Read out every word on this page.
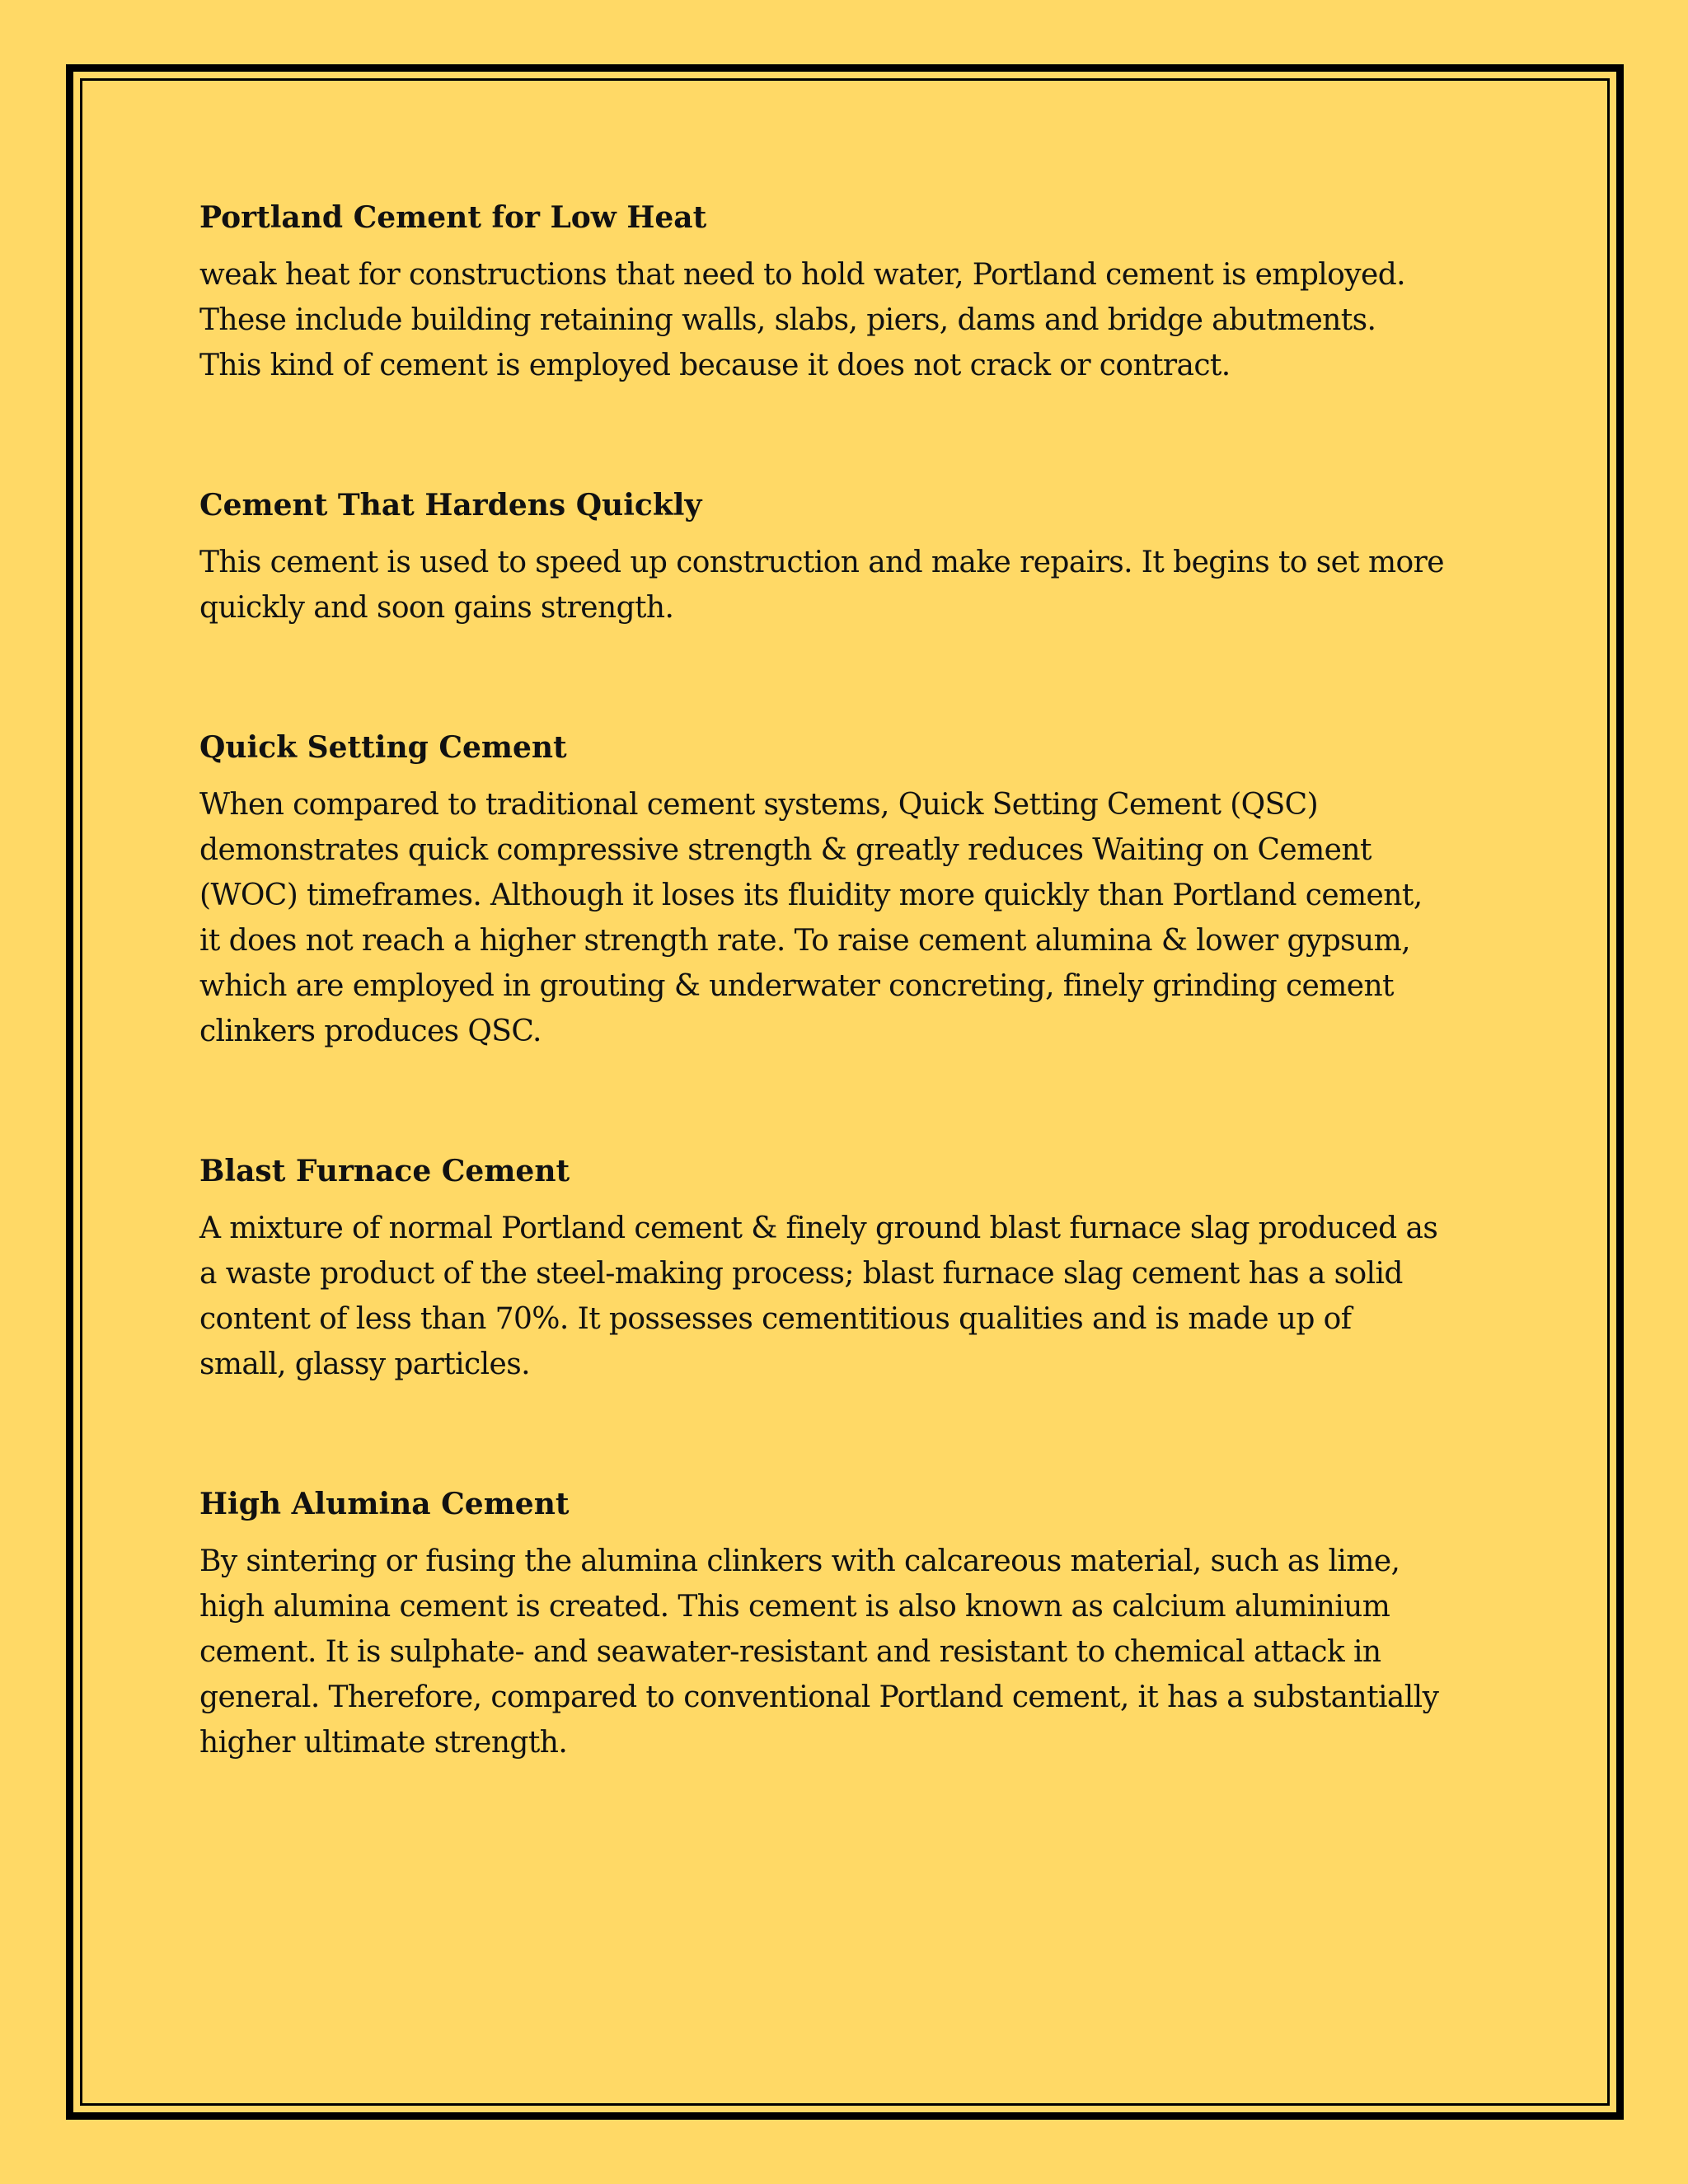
Portland Cement for Low Heat

weak heat for constructions that need to hold water, Portland cement is employed.
These include building retaining walls, slabs, piers, dams and bridge abutments.
This kind of cement is employed because it does not crack or contract.

Cement That Hardens Quickly

This cement is used to speed up construction and make repairs. It begins to set more
quickly and soon gains strength.

Quick Setting Cement

When compared to traditional cement systems, Quick Setting Cement (QSC)
demonstrates quick compressive strength & greatly reduces Waiting on Cement
(WOC) timeframes. Although it loses its fluidity more quickly than Portland cement,
it does not reach a higher strength rate. To raise cement alumina & lower gypsum,
which are employed in grouting & underwater concreting, finely grinding cement
clinkers produces QSC.

Blast Furnace Cement

A mixture of normal Portland cement & finely ground blast furnace slag produced as
a waste product of the steel-making process; blast furnace slag cement has a solid
content of less than 70%. It possesses cementitious qualities and is made up of
small, glassy particles.

High Alumina Cement

By sintering or fusing the alumina clinkers with calcareous material, such as lime,
high alumina cement is created. This cement is also known as calcium aluminium
cement. It is sulphate- and seawater-resistant and resistant to chemical attack in
general. Therefore, compared to conventional Portland cement, it has a substantially
higher ultimate strength.
